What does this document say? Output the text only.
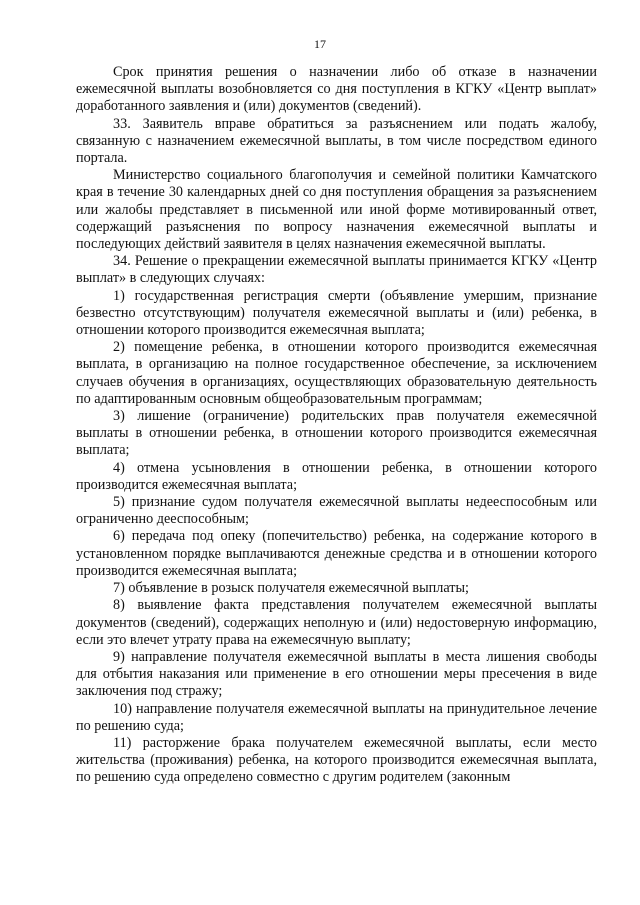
17

Срок принятия решения о назначении либо об отказе в назначении ежемесячной выплаты возобновляется со дня поступления в КГКУ «Центр выплат» доработанного заявления и (или) документов (сведений).

33. Заявитель вправе обратиться за разъяснением или подать жалобу, связанную с назначением ежемесячной выплаты, в том числе посредством единого портала.

Министерство социального благополучия и семейной политики Камчатского края в течение 30 календарных дней со дня поступления обращения за разъяснением или жалобы представляет в письменной или иной форме мотивированный ответ, содержащий разъяснения по вопросу назначения ежемесячной выплаты и последующих действий заявителя в целях назначения ежемесячной выплаты.

34. Решение о прекращении ежемесячной выплаты принимается КГКУ «Центр выплат» в следующих случаях:

1) государственная регистрация смерти (объявление умершим, признание безвестно отсутствующим) получателя ежемесячной выплаты и (или) ребенка, в отношении которого производится ежемесячная выплата;

2) помещение ребенка, в отношении которого производится ежемесячная выплата, в организацию на полное государственное обеспечение, за исключением случаев обучения в организациях, осуществляющих образовательную деятельность по адаптированным основным общеобразовательным программам;

3) лишение (ограничение) родительских прав получателя ежемесячной выплаты в отношении ребенка, в отношении которого производится ежемесячная выплата;

4) отмена усыновления в отношении ребенка, в отношении которого производится ежемесячная выплата;

5) признание судом получателя ежемесячной выплаты недееспособным или ограниченно дееспособным;

6) передача под опеку (попечительство) ребенка, на содержание которого в установленном порядке выплачиваются денежные средства и в отношении которого производится ежемесячная выплата;

7) объявление в розыск получателя ежемесячной выплаты;

8) выявление факта представления получателем ежемесячной выплаты документов (сведений), содержащих неполную и (или) недостоверную информацию, если это влечет утрату права на ежемесячную выплату;

9) направление получателя ежемесячной выплаты в места лишения свободы для отбытия наказания или применение в его отношении меры пресечения в виде заключения под стражу;

10) направление получателя ежемесячной выплаты на принудительное лечение по решению суда;

11) расторжение брака получателем ежемесячной выплаты, если место жительства (проживания) ребенка, на которого производится ежемесячная выплата, по решению суда определено совместно с другим родителем (законным
